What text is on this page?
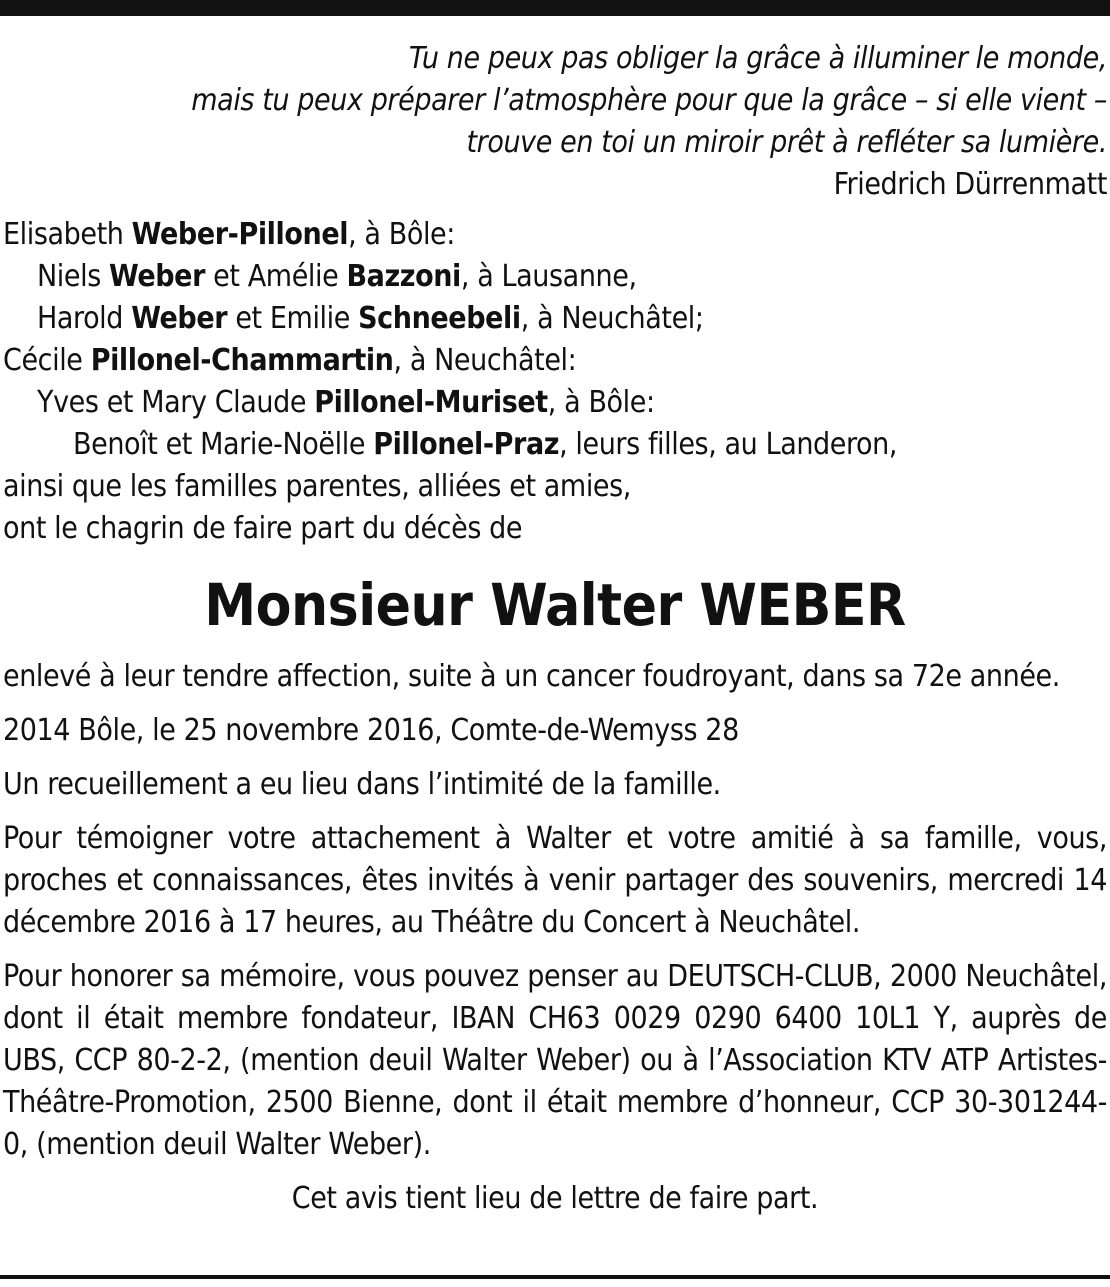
Tu ne peux pas obliger la grâce à illuminer le monde,
mais tu peux préparer l’atmosphère pour que la grâce – si elle vient –
trouve en toi un miroir prêt à refléter sa lumière.
Friedrich Dürrenmatt
Elisabeth Weber-Pillonel, à Bôle:
Niels Weber et Amélie Bazzoni, à Lausanne,
Harold Weber et Emilie Schneebeli, à Neuchâtel;
Cécile Pillonel-Chammartin, à Neuchâtel:
Yves et Mary Claude Pillonel-Muriset, à Bôle:
Benoît et Marie-Noëlle Pillonel-Praz, leurs filles, au Landeron,
ainsi que les familles parentes, alliées et amies,
ont le chagrin de faire part du décès de
Monsieur Walter WEBER
enlevé à leur tendre affection, suite à un cancer foudroyant, dans sa 72e année.
2014 Bôle, le 25 novembre 2016, Comte-de-Wemyss 28
Un recueillement a eu lieu dans l’intimité de la famille.
Pour témoigner votre attachement à Walter et votre amitié à sa famille, vous, proches et connaissances, êtes invités à venir partager des souvenirs, mercredi 14 décembre 2016 à 17 heures, au Théâtre du Concert à Neuchâtel.
Pour honorer sa mémoire, vous pouvez penser au DEUTSCH-CLUB, 2000 Neuchâtel, dont il était membre fondateur, IBAN CH63 0029 0290 6400 10L1 Y, auprès de UBS, CCP 80-2-2, (mention deuil Walter Weber) ou à l’Association KTV ATP Artistes-Théâtre-Promotion, 2500 Bienne, dont il était membre d’honneur, CCP 30-301244-0, (mention deuil Walter Weber).
Cet avis tient lieu de lettre de faire part.
